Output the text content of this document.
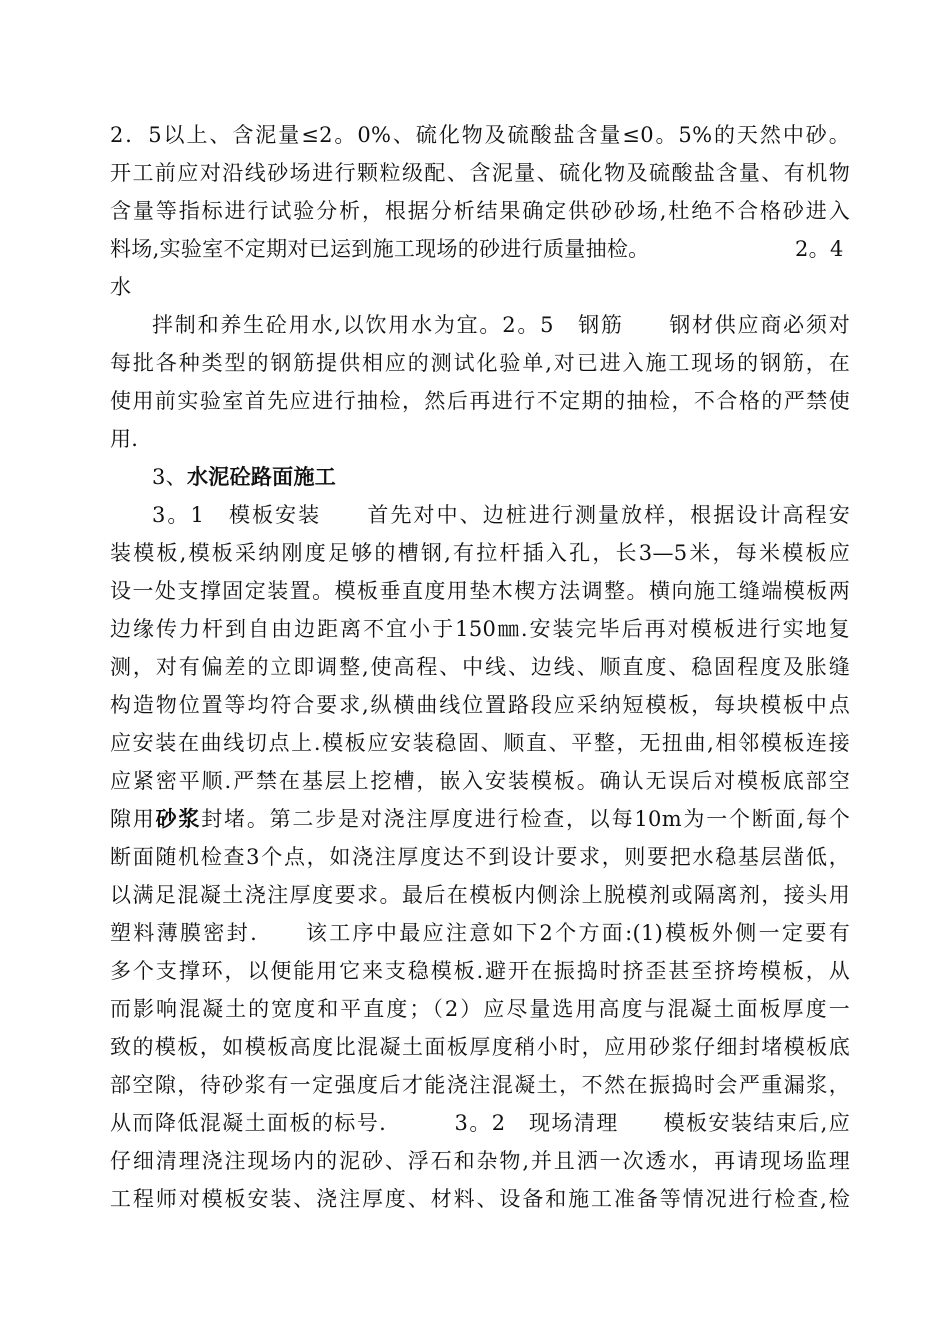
2．5以上、含泥量≤2。0%、硫化物及硫酸盐含量≤0。5%的天然中砂。
开工前应对沿线砂场进行颗粒级配、含泥量、硫化物及硫酸盐含量、有机物
含量等指标进行试验分析，根据分析结果确定供砂砂场,杜绝不合格砂进入
料场,实验室不定期对已运到施工现场的砂进行质量抽检。	2。4
水
拌制和养生砼用水,以饮用水为宜。2。5　钢筋　　钢材供应商必须对
每批各种类型的钢筋提供相应的测试化验单,对已进入施工现场的钢筋，在
使用前实验室首先应进行抽检，然后再进行不定期的抽检，不合格的严禁使
用.
3、水泥砼路面施工
3。1　模板安装　　首先对中、边桩进行测量放样，根据设计高程安
装模板,模板采纳刚度足够的槽钢,有拉杆插入孔，长3—5米，每米模板应
设一处支撑固定装置。模板垂直度用垫木楔方法调整。横向施工缝端模板两
边缘传力杆到自由边距离不宜小于150㎜.安装完毕后再对模板进行实地复
测，对有偏差的立即调整,使高程、中线、边线、顺直度、稳固程度及胀缝
构造物位置等均符合要求,纵横曲线位置路段应采纳短模板，每块模板中点
应安装在曲线切点上.模板应安装稳固、顺直、平整，无扭曲,相邻模板连接
应紧密平顺.严禁在基层上挖槽，嵌入安装模板。确认无误后对模板底部空
隙用砂浆封堵。第二步是对浇注厚度进行检查，以每10m为一个断面,每个
断面随机检查3个点，如浇注厚度达不到设计要求，则要把水稳基层凿低，
以满足混凝土浇注厚度要求。最后在模板内侧涂上脱模剂或隔离剂，接头用
塑料薄膜密封.　　该工序中最应注意如下2个方面:(1)模板外侧一定要有
多个支撑环，以便能用它来支稳模板.避开在振捣时挤歪甚至挤垮模板，从
而影响混凝土的宽度和平直度；（2）应尽量选用高度与混凝土面板厚度一
致的模板，如模板高度比混凝土面板厚度稍小时，应用砂浆仔细封堵模板底
部空隙，待砂浆有一定强度后才能浇注混凝土，不然在振捣时会严重漏浆，
从而降低混凝土面板的标号.　　　3。2　现场清理　　模板安装结束后,应
仔细清理浇注现场内的泥砂、浮石和杂物,并且洒一次透水，再请现场监理
工程师对模板安装、浇注厚度、材料、设备和施工准备等情况进行检查,检
